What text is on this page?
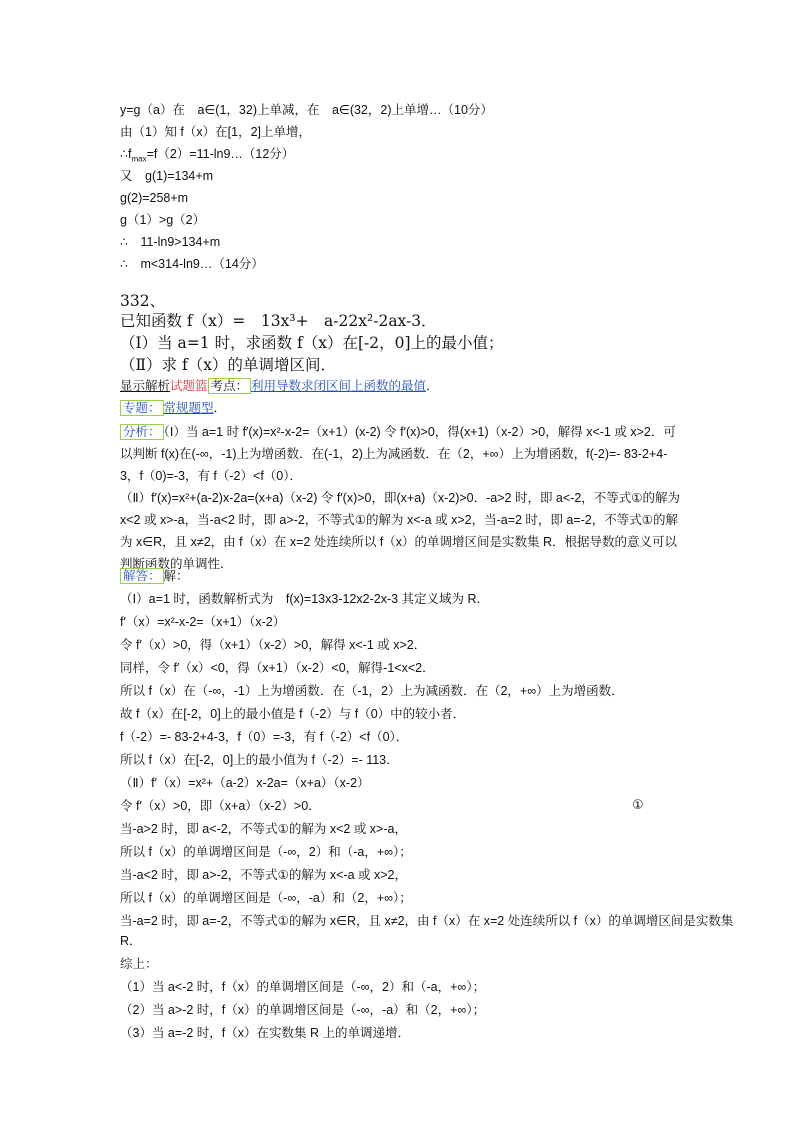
y=g（a）在　a∈(1，32)上单减，在　a∈(32，2)上单增…（10分）
由（1）知 f（x）在[1，2]上单增，
$\therefore f_{max}=f(2)=11-\ln 9\dots(12$分）
又　g(1)=134+m
g(2)=258+m
g（1）>g（2）
∴　11-ln9>134+m
∴　m<314-ln9…（14分）
332、
已知函数 f（x）=　13x³+　a-22x²-2ax-3．
（Ⅰ）当 a=1 时，求函数 f（x）在[-2，0]上的最小值；
（Ⅱ）求 f（x）的单调增区间．
显示解析试题篮 考点： 利用导数求闭区间上函数的最值．
专题： 常规题型．
分析： （Ⅰ）当 a=1 时 f′(x)=x²-x-2=（x+1）(x-2) 令 f′(x)>0，得(x+1)（x-2）>0，解得 x<-1 或 x>2．可以判断 f(x)在(-∞，-1)上为增函数．在(-1，2)上为减函数．在（2，+∞）上为增函数，f(-2)=- 83-2+4-3，f（0)=-3，有 f（-2）<f（0）．
（Ⅱ）f′(x)=x²+(a-2)x-2a=(x+a)（x-2) 令 f′(x)>0，即(x+a)（x-2)>0．-a>2 时，即 a<-2，不等式①的解为 x<2 或 x>-a，当-a<2 时，即 a>-2，不等式①的解为 x<-a 或 x>2，当-a=2 时，即 a=-2，不等式①的解为 x∈R，且 x≠2，由 f（x）在 x=2 处连续所以 f（x）的单调增区间是实数集 R．根据导数的意义可以判断函数的单调性．
解答： 解：
（Ⅰ）a=1 时，函数解析式为　f(x)=13x3-12x2-2x-3 其定义域为 R．
f′（x）=x²-x-2=（x+1）（x-2）
令 f′（x）>0，得（x+1）（x-2）>0，解得 x<-1 或 x>2．
同样，令 f′（x）<0，得（x+1）（x-2）<0，解得-1<x<2．
所以 f（x）在（-∞，-1）上为增函数．在（-1，2）上为减函数．在（2，+∞）上为增函数．
故 f（x）在[-2，0]上的最小值是 f（-2）与 f（0）中的较小者．
f（-2）=- 83-2+4-3，f（0）=-3，有 f（-2）<f（0）．
所以 f（x）在[-2，0]上的最小值为 f（-2）=- 113．
（Ⅱ）f′（x）=x²+（a-2）x-2a=（x+a）（x-2）
令 f′（x）>0，即（x+a）（x-2）>0．	①
当-a>2 时，即 a<-2，不等式①的解为 x<2 或 x>-a，
所以 f（x）的单调增区间是（-∞，2）和（-a，+∞）；
当-a<2 时，即 a>-2，不等式①的解为 x<-a 或 x>2，
所以 f（x）的单调增区间是（-∞，-a）和（2，+∞）；
当-a=2 时，即 a=-2，不等式①的解为 x∈R，且 x≠2，由 f（x）在 x=2 处连续所以 f（x）的单调增区间是实数集
R．
综上：
（1）当 a<-2 时，f（x）的单调增区间是（-∞，2）和（-a，+∞）；
（2）当 a>-2 时，f（x）的单调增区间是（-∞，-a）和（2，+∞）；
（3）当 a=-2 时，f（x）在实数集 R 上的单调递增．
